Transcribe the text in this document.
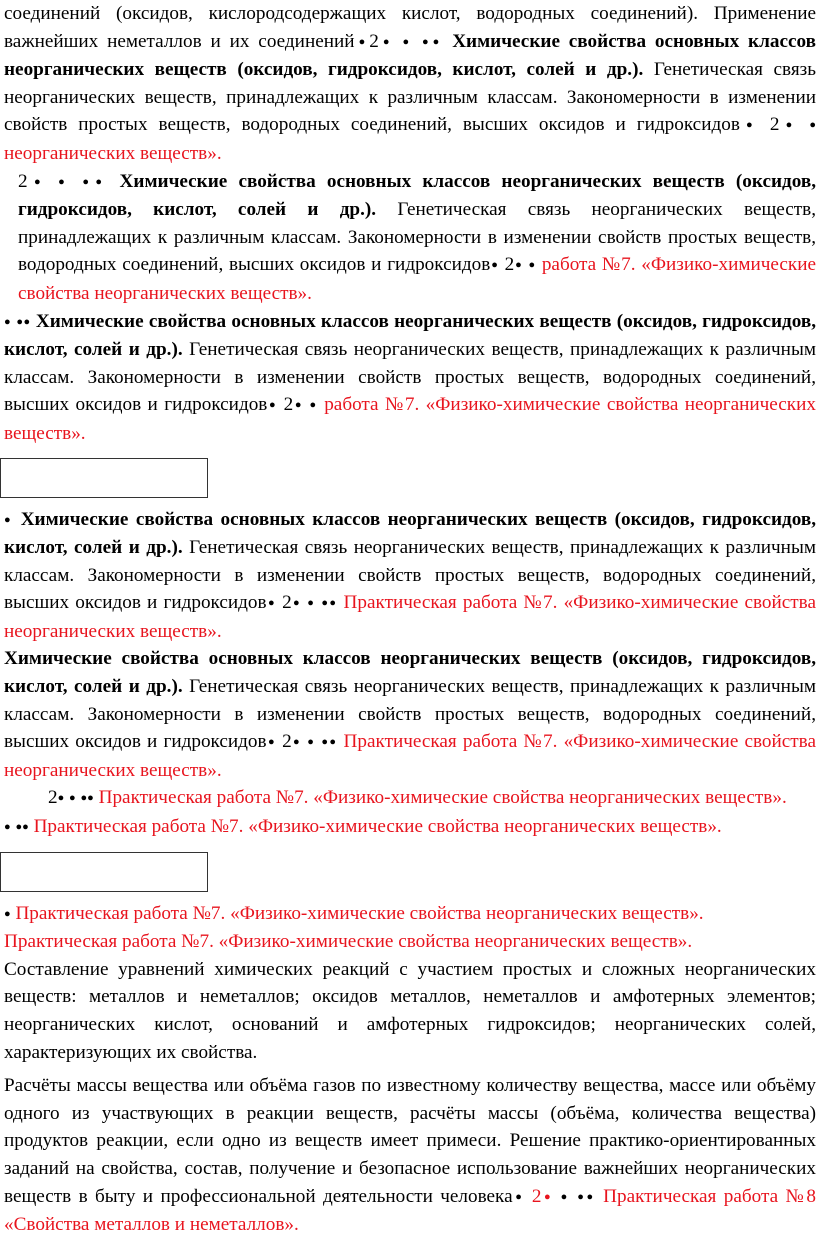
соединений (оксидов, кислородсодержащих кислот, водородных соединений). Применение важнейших неметаллов и их соединений ● 2 ● ● ● ●	Химические свойства основных классов неорганических веществ (оксидов, гидроксидов, кислот, солей и др.). Генетическая связь неорганических веществ, принадлежащих к различным классам. Закономерности в изменении свойств простых веществ, водородных соединений, высших оксидов и гидроксидов● 2● ● неорганических веществ».

2 ● ● ● ●	Химические свойства основных классов неорганических веществ (оксидов, гидроксидов, кислот, солей и др.). Генетическая связь неорганических веществ, принадлежащих к различным классам. Закономерности в изменении свойств простых веществ, водородных соединений, высших оксидов и гидроксидов● 2 ● ● работа №7. «Физико-химические свойства неорганических веществ».

● ● ● Химические свойства основных классов неорганических веществ (оксидов, гидроксидов, кислот, солей и др.). Генетическая связь неорганических веществ, принадлежащих к различным классам. Закономерности в изменении свойств простых веществ, водородных соединений, высших оксидов и гидроксидов● 2 ● ● работа №7. «Физико-химические свойства неорганических веществ».

● Химические свойства основных классов неорганических веществ (оксидов, гидроксидов, кислот, солей и др.). Генетическая связь неорганических веществ, принадлежащих к различным классам. Закономерности в изменении свойств простых веществ, водородных соединений, высших оксидов и гидроксидов● 2 ● ● ● ●	Практическая работа №7. «Физико-химические свойства неорганических веществ».

Химические свойства основных классов неорганических веществ (оксидов, гидроксидов, кислот, солей и др.). Генетическая связь неорганических веществ, принадлежащих к различным классам. Закономерности в изменении свойств простых веществ, водородных соединений, высших оксидов и гидроксидов● 2 ● ● ● ●	Практическая работа №7. «Физико-химические свойства неорганических веществ».

2 ● ● ● ● Практическая работа №7. «Физико-химические свойства неорганических веществ».

● ● ● Практическая работа №7. «Физико-химические свойства неорганических веществ».

● Практическая работа №7. «Физико-химические свойства неорганических веществ».

Практическая работа №7. «Физико-химические свойства неорганических веществ».

Составление уравнений химических реакций с участием простых и сложных неорганических веществ: металлов и неметаллов; оксидов металлов, неметаллов и амфотерных элементов; неорганических кислот, оснований и амфотерных гидроксидов; неорганических солей, характеризующих их свойства.

Расчёты массы вещества или объёма газов по известному количеству вещества, массе или объёму одного из участвующих в реакции веществ, расчёты массы (объёма, количества вещества) продуктов реакции, если одно из веществ имеет примеси. Решение практико-ориентированных заданий на свойства, состав, получение и безопасное использование важнейших неорганических веществ в быту и профессиональной деятельности человека● 2 ● ● ● ●	Практическая работа №8 «Свойства металлов и неметаллов».
